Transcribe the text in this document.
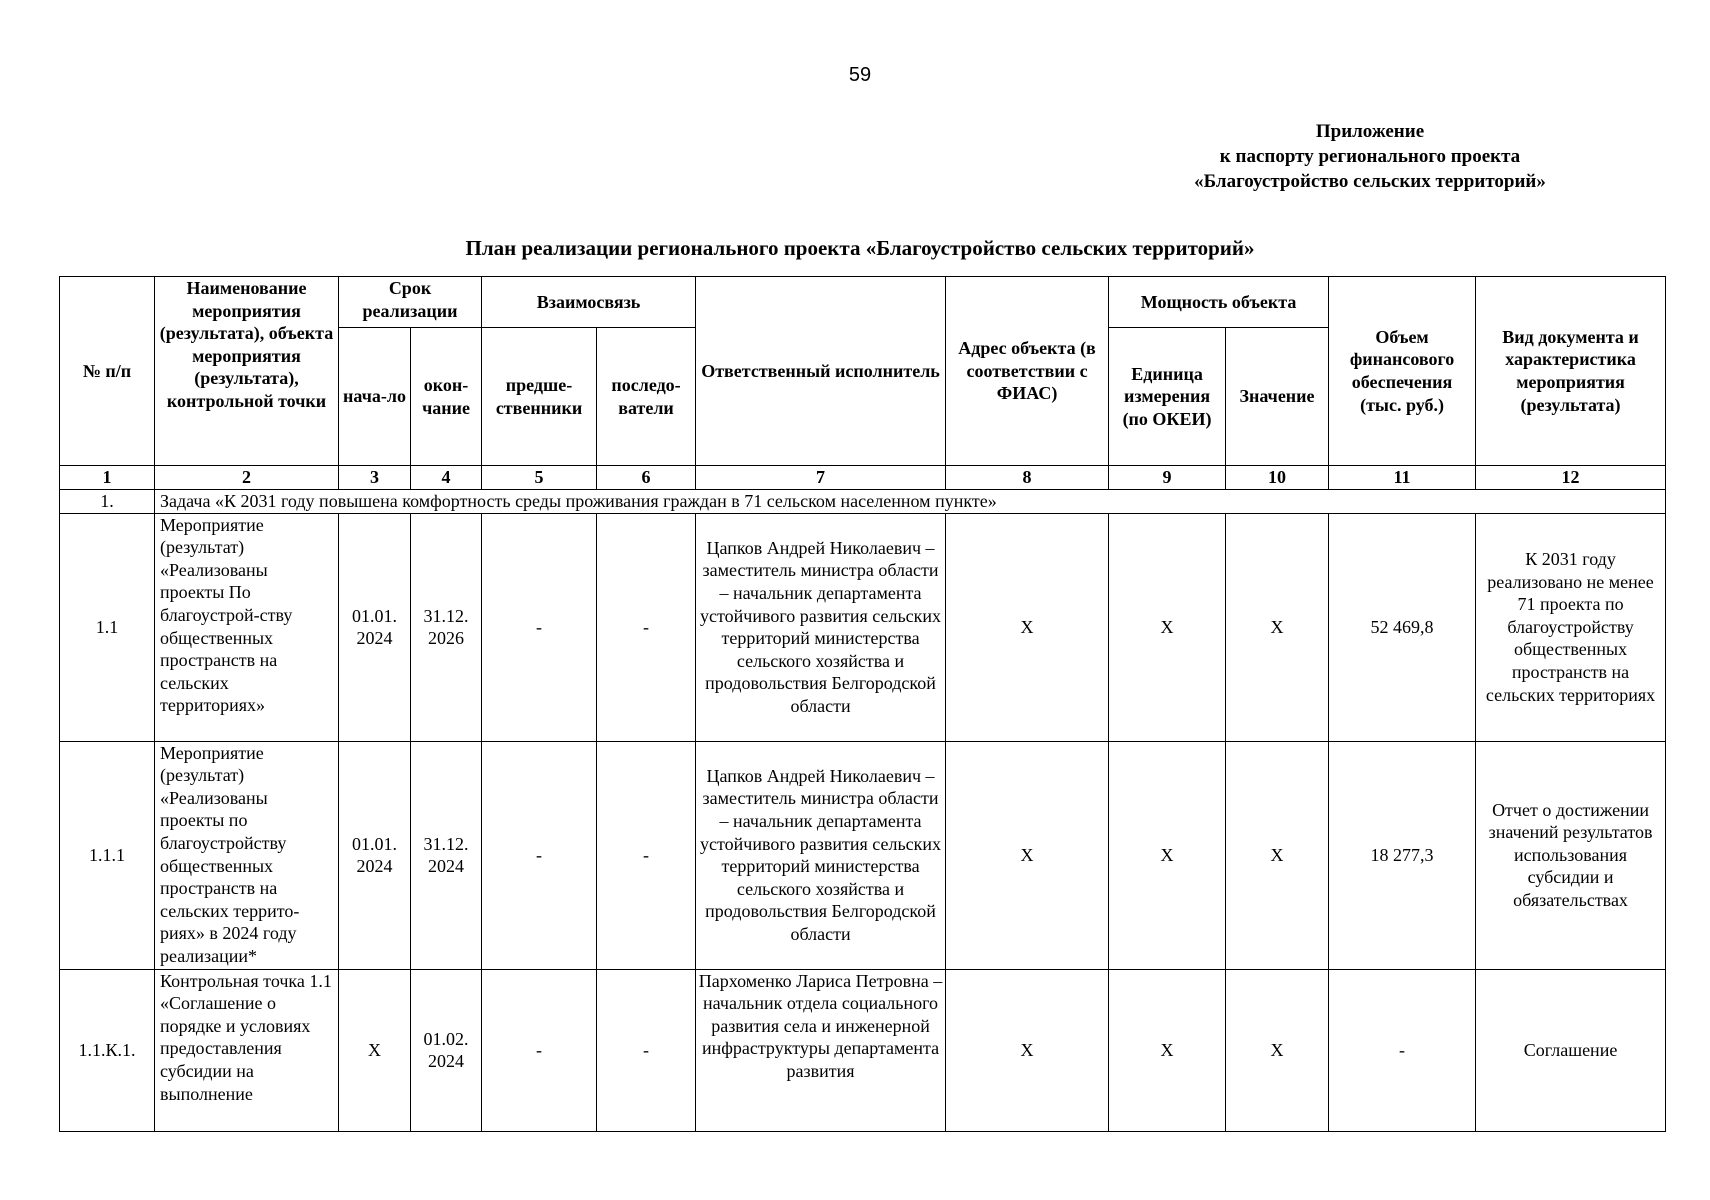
59
Приложение
к паспорту регионального проекта
«Благоустройство сельских территорий»
План реализации регионального проекта «Благоустройство сельских территорий»
№ п/п	Наименование мероприятия (результата), объекта мероприятия (результата), контрольной точки	Срок реализации		Взаимосвязь		Ответственный исполнитель	Адрес объекта (в соответствии с ФИАС)	Мощность объекта		Объем финансового обеспечения (тыс. руб.)	Вид документа и характеристика мероприятия (результата)
		нача-ло	окон-чание	предше-ственники	последо-ватели			Единица измерения (по ОКЕИ)	Значение		
1	2	3	4	5	6	7	8	9	10	11	12
1.	Задача «К 2031 году повышена комфортность среды проживания граждан в 71 сельском населенном пункте»										
1.1	Мероприятие (результат) «Реализованы проекты По благоустрой-ству общественных пространств на сельских территориях»	01.01. 2024	31.12. 2026	-	-	Цапков Андрей Николаевич – заместитель министра области – начальник департамента устойчивого развития сельских территорий министерства сельского хозяйства и продовольствия Белгородской области	X	X	X	52 469,8	К 2031 году реализовано не менее 71 проекта по благоустройству общественных пространств на сельских территориях
1.1.1	Мероприятие (результат) «Реализованы проекты по благоустройству общественных пространств на сельских террито-риях» в 2024 году реализации*	01.01. 2024	31.12. 2024	-	-	Цапков Андрей Николаевич – заместитель министра области – начальник департамента устойчивого развития сельских территорий министерства сельского хозяйства и продовольствия Белгородской области	X	X	X	18 277,3	Отчет о достижении значений результатов использования субсидии и обязательствах
1.1.К.1.	Контрольная точка 1.1 «Соглашение о порядке и условиях предоставления субсидии на выполнение	X	01.02. 2024	-	-	Пархоменко Лариса Петровна – начальник отдела социального развития села и инженерной инфраструктуры департамента развития	X	X	X	-	Соглашение
